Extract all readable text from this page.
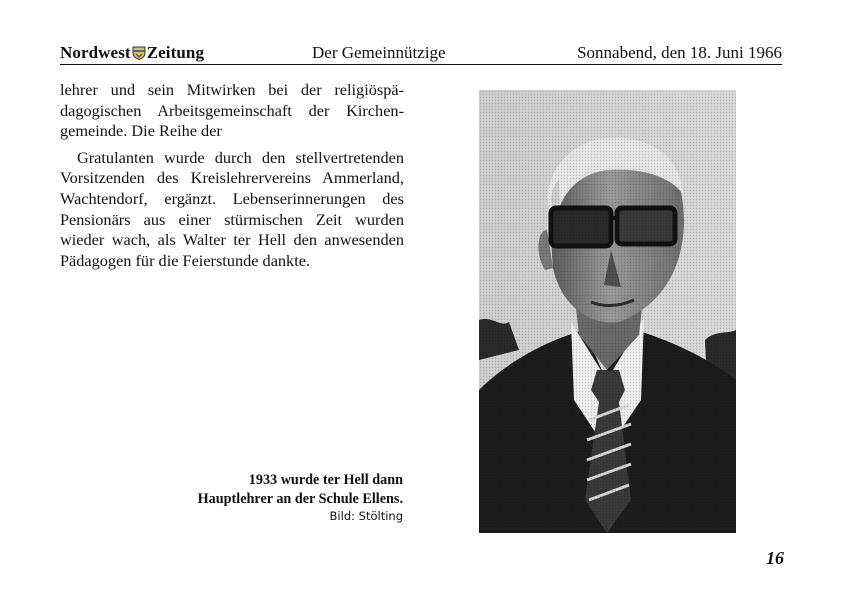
Nordwest Zeitung	Der Gemeinnützige	Sonnabend, den 18. Juni 1966

lehrer und sein Mitwirken bei der religiöspädagogischen Arbeitsgemeinschaft der Kirchengemeinde. Die Reihe der

Gratulanten wurde durch den stellvertretenden Vorsitzenden des Kreislehrervereins Ammerland, Wachtendorf, ergänzt. Lebenserinnerungen des Pensionärs aus einer stürmischen Zeit wurden wieder wach, als Walter ter Hell den anwesenden Pädagogen für die Feierstunde dankte.

1933 wurde ter Hell dann
Hauptlehrer an der Schule Ellens.
Bild: Stölting
16
